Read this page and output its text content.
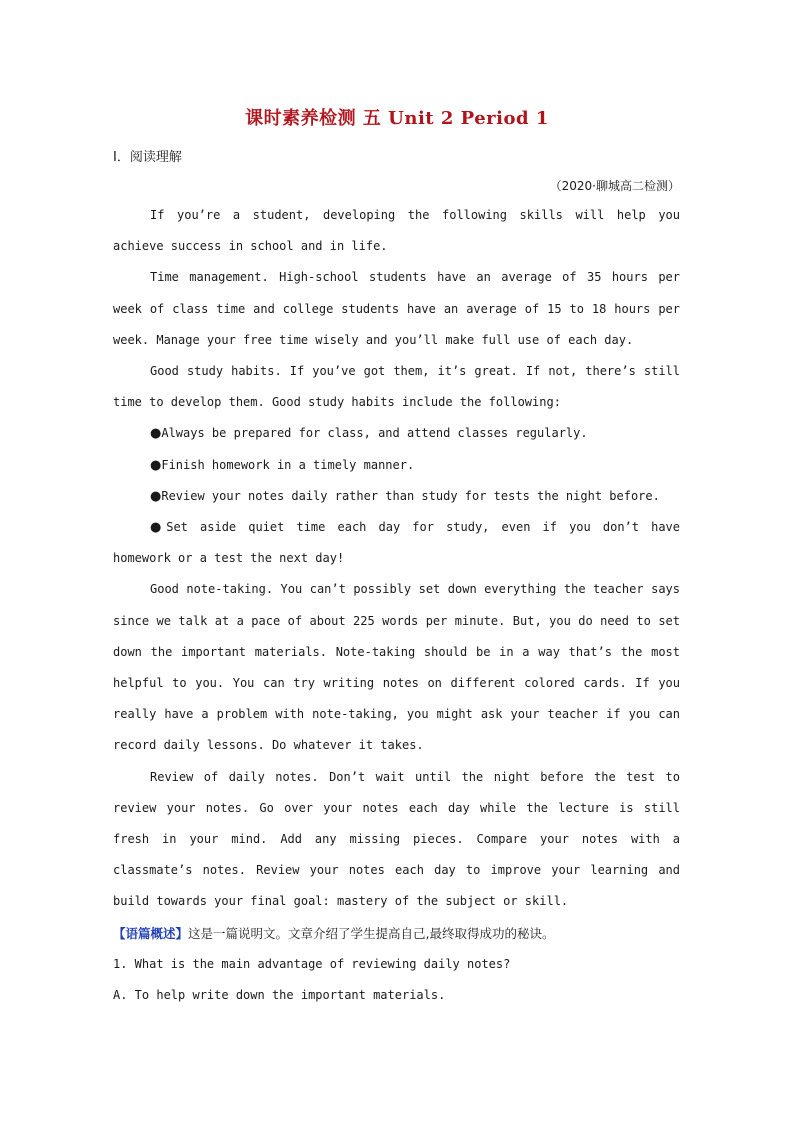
课时素养检测 五 Unit 2 Period 1
Ⅰ．阅读理解
（2020·聊城高二检测）

If you’re a student, developing the following skills will help you achieve success in school and in life.

Time management. High-school students have an average of 35 hours per week of class time and college students have an average of 15 to 18 hours per week. Manage your free time wisely and you’ll make full use of each day.

Good study habits. If you’ve got them, it’s great. If not, there’s still time to develop them. Good study habits include the following:

●Always be prepared for class, and attend classes regularly.

●Finish homework in a timely manner.

●Review your notes daily rather than study for tests the night before.

●Set aside quiet time each day for study, even if you don’t have homework or a test the next day!

Good note-taking. You can’t possibly set down everything the teacher says since we talk at a pace of about 225 words per minute. But, you do need to set down the important materials. Note-taking should be in a way that’s the most helpful to you. You can try writing notes on different colored cards. If you really have a problem with note-taking, you might ask your teacher if you can record daily lessons. Do whatever it takes.

Review of daily notes. Don’t wait until the night before the test to review your notes. Go over your notes each day while the lecture is still fresh in your mind. Add any missing pieces. Compare your notes with a classmate’s notes. Review your notes each day to improve your learning and build towards your final goal: mastery of the subject or skill.

【语篇概述】这是一篇说明文。文章介绍了学生提高自己,最终取得成功的秘诀。

1. What is the main advantage of reviewing daily notes?

A. To help write down the important materials.
